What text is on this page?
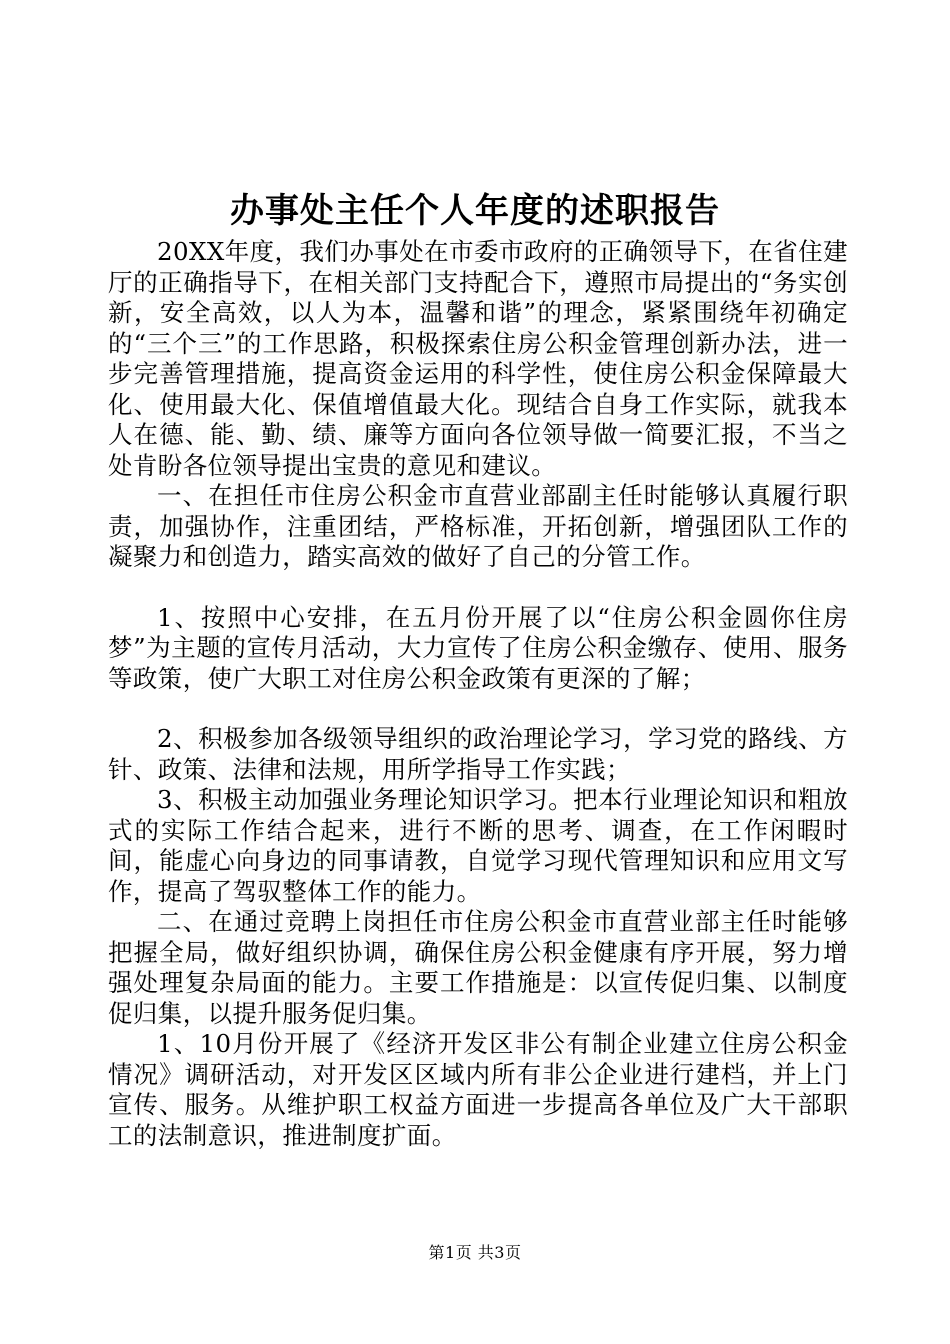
办事处主任个人年度的述职报告

20XX年度，我们办事处在市委市政府的正确领导下，在省住建厅的正确指导下，在相关部门支持配合下，遵照市局提出的“务实创新，安全高效，以人为本，温馨和谐”的理念，紧紧围绕年初确定的“三个三”的工作思路，积极探索住房公积金管理创新办法，进一步完善管理措施，提高资金运用的科学性，使住房公积金保障最大化、使用最大化、保值增值最大化。现结合自身工作实际，就我本人在德、能、勤、绩、廉等方面向各位领导做一简要汇报，不当之处肯盼各位领导提出宝贵的意见和建议。

一、在担任市住房公积金市直营业部副主任时能够认真履行职责，加强协作，注重团结，严格标准，开拓创新，增强团队工作的凝聚力和创造力，踏实高效的做好了自己的分管工作。

1、按照中心安排，在五月份开展了以“住房公积金圆你住房梦”为主题的宣传月活动，大力宣传了住房公积金缴存、使用、服务等政策，使广大职工对住房公积金政策有更深的了解；

2、积极参加各级领导组织的政治理论学习，学习党的路线、方针、政策、法律和法规，用所学指导工作实践；

3、积极主动加强业务理论知识学习。把本行业理论知识和粗放式的实际工作结合起来，进行不断的思考、调查，在工作闲暇时间，能虚心向身边的同事请教，自觉学习现代管理知识和应用文写作，提高了驾驭整体工作的能力。

二、在通过竞聘上岗担任市住房公积金市直营业部主任时能够把握全局，做好组织协调，确保住房公积金健康有序开展，努力增强处理复杂局面的能力。主要工作措施是：以宣传促归集、以制度促归集，以提升服务促归集。

1、10月份开展了《经济开发区非公有制企业建立住房公积金情况》调研活动，对开发区区域内所有非公企业进行建档，并上门宣传、服务。从维护职工权益方面进一步提高各单位及广大干部职工的法制意识，推进制度扩面。

第1页 共3页
